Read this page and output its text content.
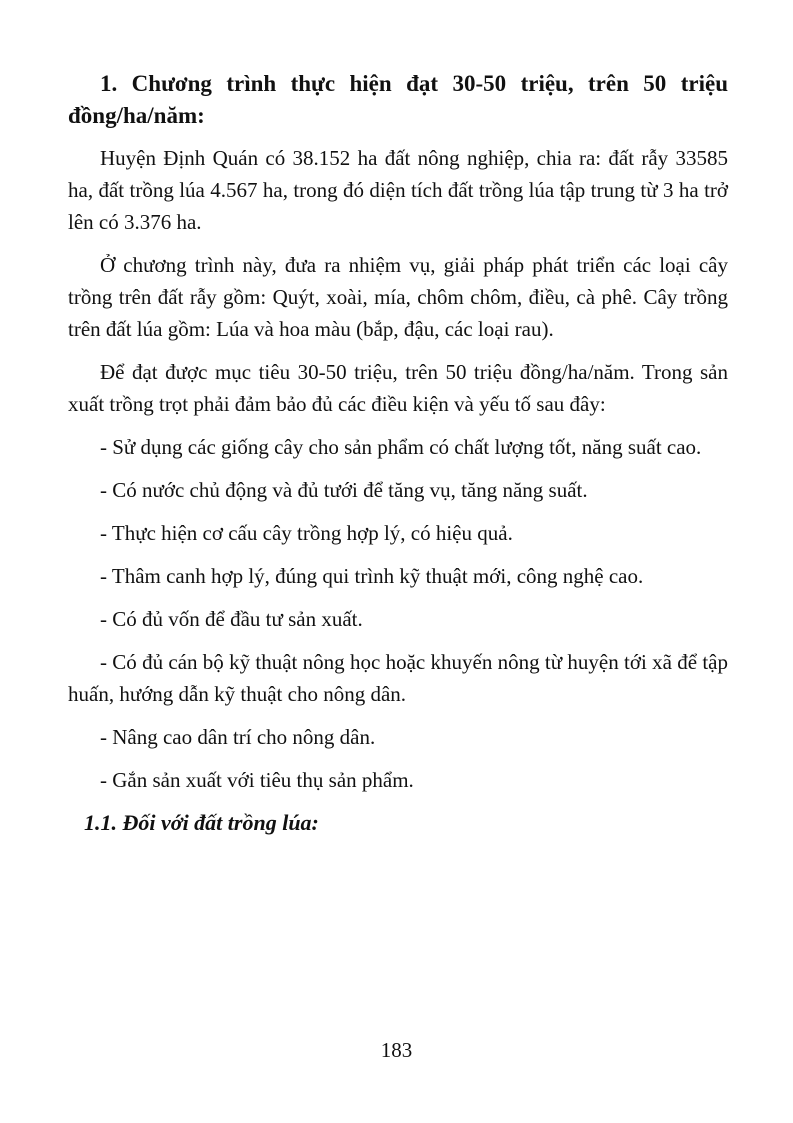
1. Chương trình thực hiện đạt 30-50 triệu, trên 50 triệu đồng/ha/năm:

Huyện Định Quán có 38.152 ha đất nông nghiệp, chia ra: đất rẫy 33585 ha, đất trồng lúa 4.567 ha, trong đó diện tích đất trồng lúa tập trung từ 3 ha trở lên có 3.376 ha.

Ở chương trình này, đưa ra nhiệm vụ, giải pháp phát triển các loại cây trồng trên đất rẫy gồm: Quýt, xoài, mía, chôm chôm, điều, cà phê. Cây trồng trên đất lúa gồm: Lúa và hoa màu (bắp, đậu, các loại rau).

Để đạt được mục tiêu 30-50 triệu, trên 50 triệu đồng/ha/năm. Trong sản xuất trồng trọt phải đảm bảo đủ các điều kiện và yếu tố sau đây:

- Sử dụng các giống cây cho sản phẩm có chất lượng tốt, năng suất cao.

- Có nước chủ động và đủ tưới để tăng vụ, tăng năng suất.

- Thực hiện cơ cấu cây trồng hợp lý, có hiệu quả.

- Thâm canh hợp lý, đúng qui trình kỹ thuật mới, công nghệ cao.

- Có đủ vốn để đầu tư sản xuất.

- Có đủ cán bộ kỹ thuật nông học hoặc khuyến nông từ huyện tới xã để tập huấn, hướng dẫn kỹ thuật cho nông dân.

- Nâng cao dân trí cho nông dân.

- Gắn sản xuất với tiêu thụ sản phẩm.

1.1. Đối với đất trồng lúa:

183
